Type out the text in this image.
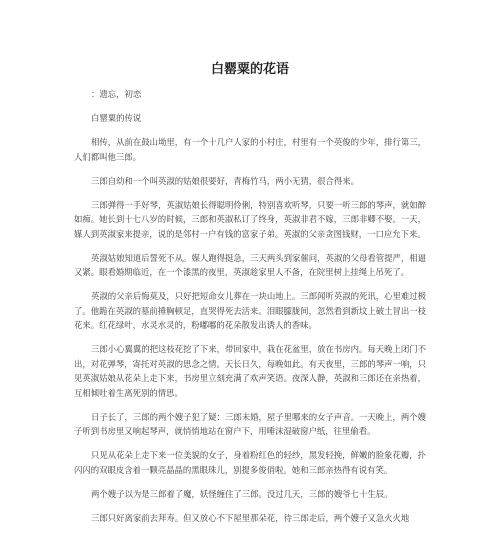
白罂粟的花语

：遗忘，初恋

白罂粟的传说

相传，从前在鼓山坳里，有一个十几户人家的小村庄，村里有一个英俊的少年，排行第三，人们都叫他三郎。

三郎自幼和一个叫英淑的姑娘很要好，青梅竹马，两小无猜，很合得来。

三郎弹得一手好琴，英淑姑娘长得聪明伶俐，特别喜欢听琴，只要一听三郎的琴声，就如醉如痴。她长到十七八岁的时候，三郎和英淑私订了终身，英淑非君不嫁，三郎非卿不娶。一天，媒人到英淑家来提亲，说的是邻村一户有钱的富家子弟。英淑的父亲贪图钱财，一口应允下来。

英淑姑娘知道后誓死不从。媒人跑得挺急，三天两头到家催问，英淑的父母看管提严，相逼又紧。眼看婚期临近，在一个漆黑的夜里，英淑趁家里人不备，在院里树上挂绳上吊死了。

英淑的父亲后悔莫及，只好把短命女儿葬在一块山地上。三郎闻听英淑的死讯，心里难过极了。他跪在英淑的墓前捶胸顿足，直哭得死去活来。泪眼朦胧间，忽然看到新坟上破土冒出一枝花来。红花绿叶，水灵水灵的，粉嘟嘟的花朵散发出诱人的香味。

三郎小心翼翼的把这枝花挖了下来，带回家中，栽在花盆里，放在书房内。每天晚上闭门不出，对花弹琴，寄托对英淑的思念之情。天长日久，每晚如此。有天夜里，三郎的琴声一响，只见英淑姑娘从花朵上走下来，书房里立刻充满了欢声笑语。夜深人静，英淑和三郎还在亲热着，互相倾吐着生离死别的情思。

日子长了，三郎的两个嫂子犯了疑：三郎未婚，屋子里哪来的女子声音。一天晚上，两个嫂子听到书房里又响起琴声，就悄悄地站在窗户下，用唾沫湿破窗户纸，往里偷看。

只见从花朵上走下来一位美貌的女子，身着粉红色的轻纱，黑发轻挽，鲜嫩的脸象花瓣，扑闪闪的双眼皮含着一颗亮晶晶的黑眼珠儿，别提多俊俏啦。她和三郎亲热得有说有笑。

两个嫂子以为是三郎着了魔，妖怪缠住了三郎。没过几天，三郎的嫂爷七十生辰。

三郎只好离家前去拜寿。但又放心不下屋里那朵花，待三郎走后，两个嫂子又急火火地
